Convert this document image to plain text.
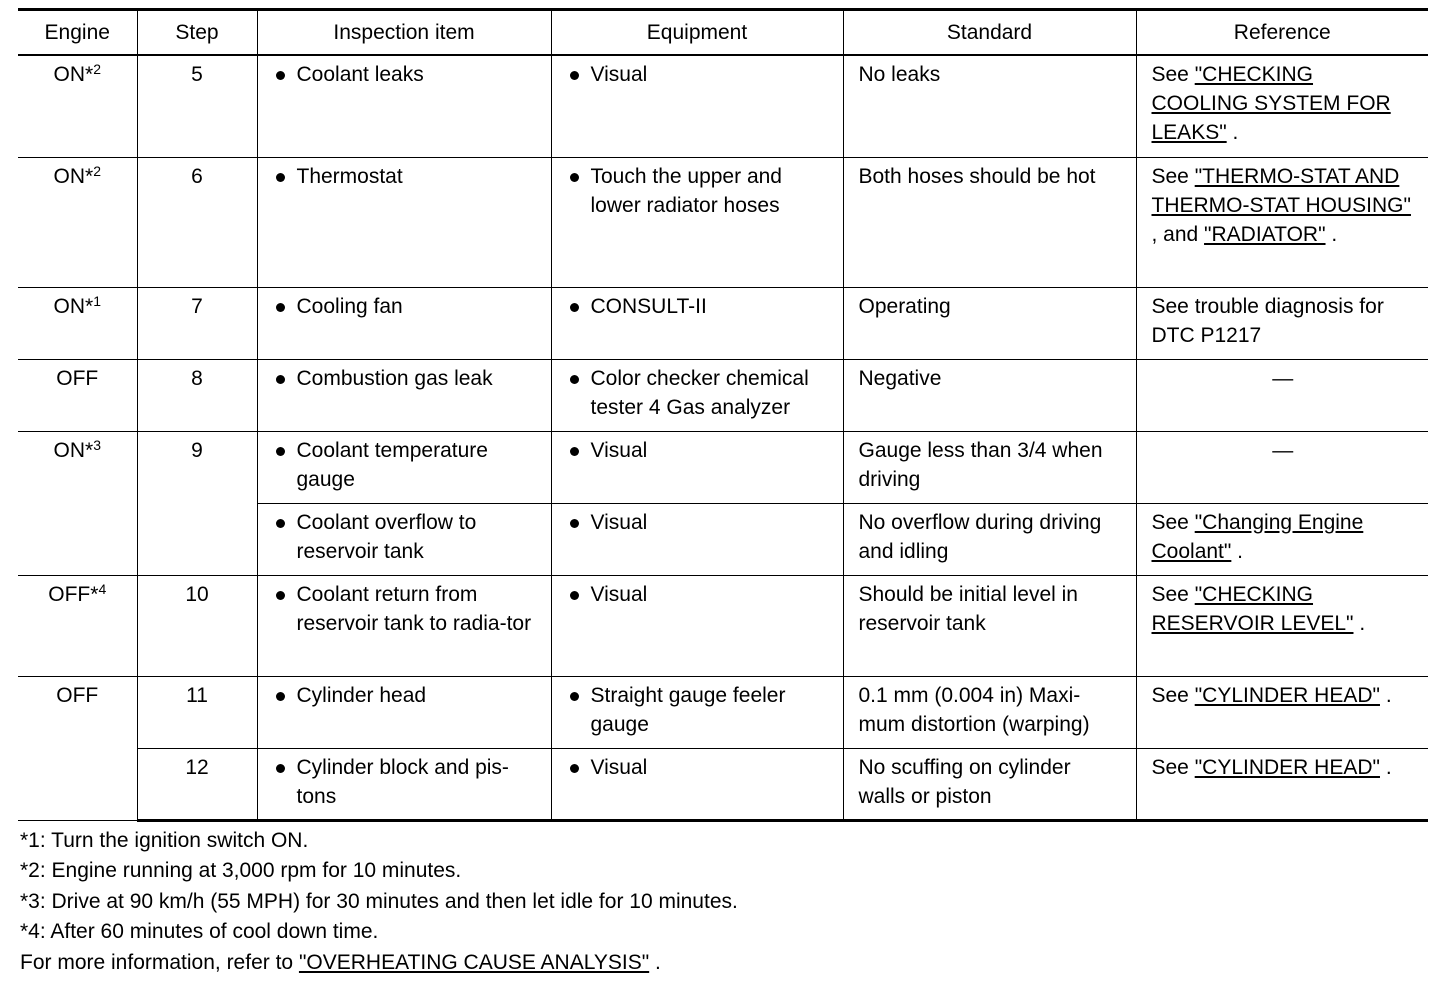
Engine	Step	Inspection item	Equipment	Standard	Reference
ON*$^2$	5	Coolant leaks	Visual	No leaks	See "CHECKING COOLING SYSTEM FOR LEAKS" .
ON*$^2$	6	Thermostat	Touch the upper and lower radiator hoses	Both hoses should be hot	See "THERMO-STAT AND THERMO-STAT HOUSING" , and "RADIATOR" .
ON*$^1$	7	Cooling fan	CONSULT-II	Operating	See trouble diagnosis for DTC P1217
OFF	8	Combustion gas leak	Color checker chemical tester 4 Gas analyzer	Negative	—

ON*$^3$	9	Coolant temperature gauge	Visual	Gauge less than 3/4 when driving	—

		Coolant overflow to reservoir tank	Visual	No overflow during driving and idling	See "Changing Engine Coolant" .
OFF*$^4$	10	Coolant return from reservoir tank to radia-tor	Visual	Should be initial level in reservoir tank	See "CHECKING RESERVOIR LEVEL" .
OFF	11	Cylinder head	Straight gauge feeler gauge	0.1 mm (0.004 in) Maxi-mum distortion (warping)	See "CYLINDER HEAD" .
	12	Cylinder block and pis-tons	Visual	No scuffing on cylinder walls or piston	See "CYLINDER HEAD" .
*1: Turn the ignition switch ON.
*2: Engine running at 3,000 rpm for 10 minutes.
*3: Drive at 90 km/h (55 MPH) for 30 minutes and then let idle for 10 minutes.
*4: After 60 minutes of cool down time.
For more information, refer to "OVERHEATING CAUSE ANALYSIS" .
